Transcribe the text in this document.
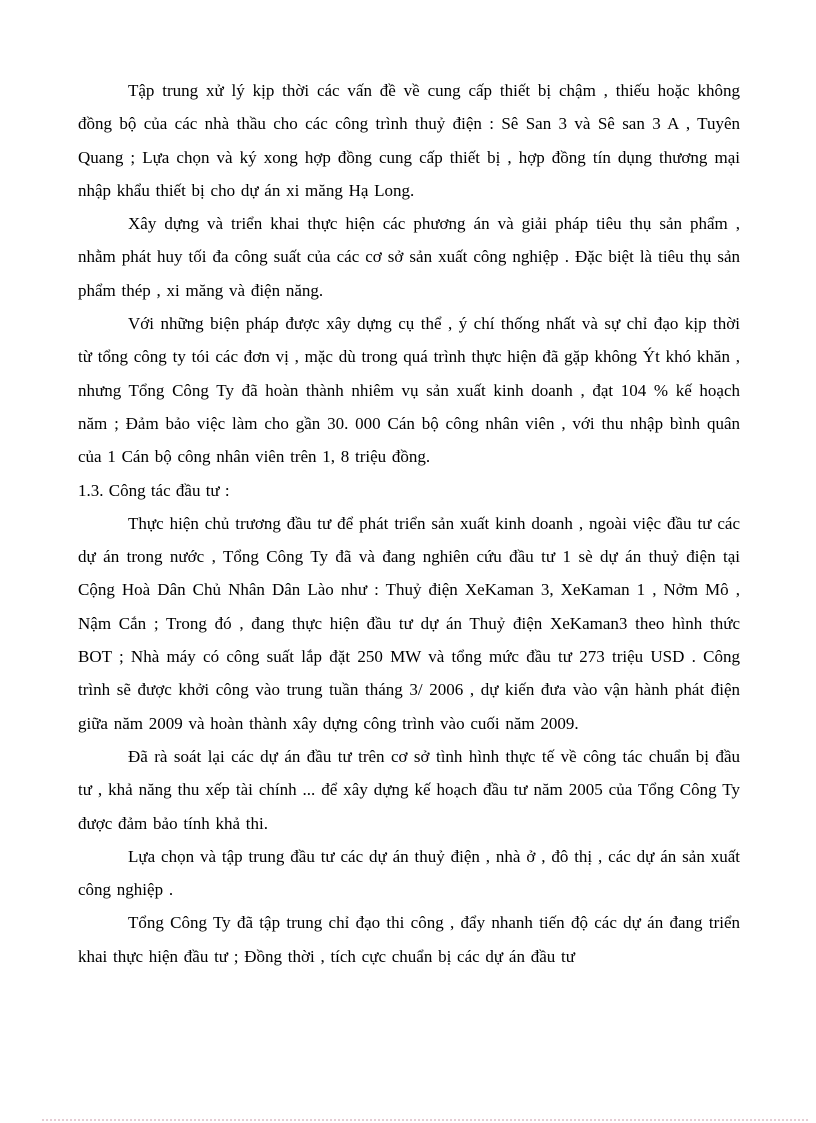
Tập trung xử lý kịp thời các vấn đề về cung cấp thiết bị chậm , thiếu hoặc không đồng bộ của các nhà thầu cho các công trình thuỷ điện : Sê San 3 và Sê san 3 A , Tuyên Quang ; Lựa chọn và ký xong hợp đồng cung cấp thiết bị , hợp đồng tín dụng thương mại nhập khẩu thiết bị cho dự án xi măng Hạ Long.

Xây dựng và triển khai thực hiện các phương án và giải pháp tiêu thụ sản phẩm , nhằm phát huy tối đa công suất của các cơ sở sản xuất công nghiệp . Đặc biệt là tiêu thụ sản phẩm thép , xi măng và điện năng.

Với những biện pháp được xây dựng cụ thể , ý chí thống nhất và sự chỉ đạo kịp thời từ tổng công ty tói các đơn vị , mặc dù trong quá trình thực hiện đã gặp không Ýt khó khăn , nhưng Tổng Công Ty đã hoàn thành nhiêm vụ sản xuất kinh doanh , đạt 104 % kế hoạch năm ; Đảm bảo việc làm cho gần 30. 000 Cán bộ công nhân viên , với thu nhập bình quân của 1 Cán bộ công nhân viên trên 1, 8 triệu đồng.

1.3. Công tác đầu tư :

Thực hiện chủ trương đầu tư để phát triển sản xuất kinh doanh , ngoài việc đầu tư các dự án trong nước , Tổng Công Ty đã và đang nghiên cứu đầu tư 1 sè dự án thuỷ điện tại Cộng Hoà Dân Chủ Nhân Dân Lào như : Thuỷ điện XeKaman 3, XeKaman 1 , Nởm Mô , Nậm Cắn ; Trong đó , đang thực hiện đầu tư dự án Thuỷ điện XeKaman3 theo hình thức BOT ; Nhà máy có công suất lắp đặt 250 MW và tổng mức đầu tư 273 triệu USD . Công trình sẽ được khởi công vào trung tuần tháng 3/ 2006 , dự kiến đưa vào vận hành phát điện giữa năm 2009 và hoàn thành xây dựng công trình vào cuối năm 2009.

Đã rà soát lại các dự án đầu tư trên cơ sở tình hình thực tế về công tác chuẩn bị đầu tư , khả năng thu xếp tài chính ... để xây dựng kế hoạch đầu tư năm 2005 của Tổng Công Ty được đảm bảo tính khả thi.

Lựa chọn và tập trung đầu tư các dự án thuỷ điện , nhà ở , đô thị , các dự án sản xuất công nghiệp .

Tổng Công Ty đã tập trung chỉ đạo thi công , đẩy nhanh tiến độ các dự án đang triển khai thực hiện đầu tư ; Đồng thời , tích cực chuẩn bị các dự án đầu tư
